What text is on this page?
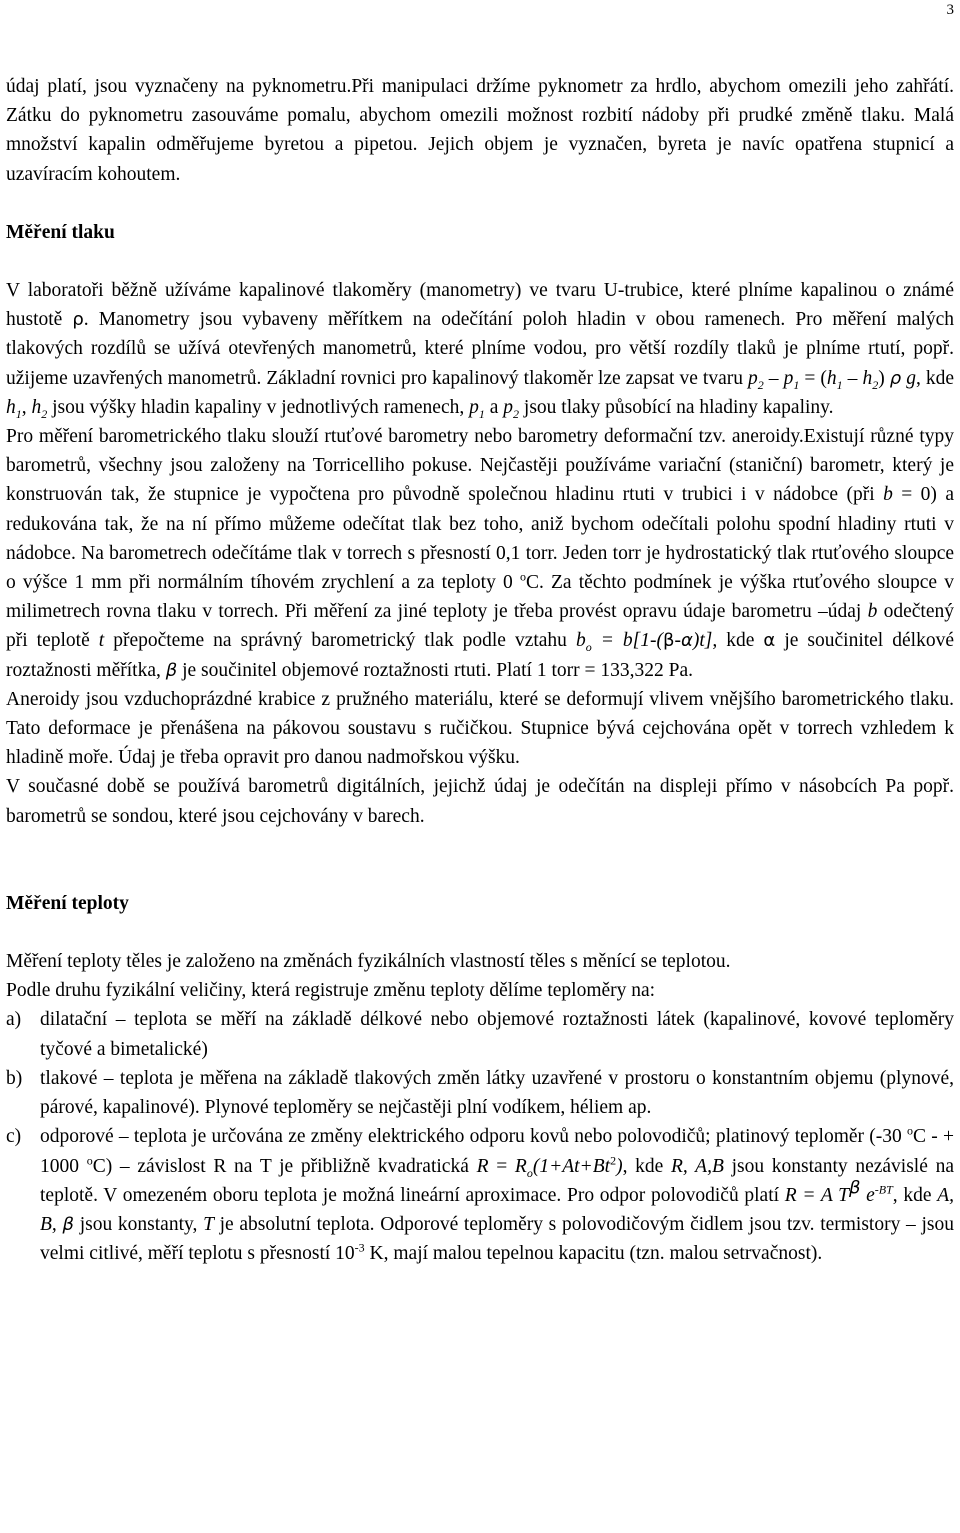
3

údaj platí, jsou vyznačeny na pyknometru.Při manipulaci držíme pyknometr za hrdlo, abychom omezili jeho zahřátí. Zátku do pyknometru zasouváme pomalu, abychom omezili možnost rozbití nádoby při prudké změně tlaku. Malá množství kapalin odměřujeme byretou a pipetou. Jejich objem je vyznačen, byreta je navíc opatřena stupnicí a uzavíracím kohoutem.

Měření tlaku

V laboratoři běžně užíváme kapalinové tlakoměry (manometry) ve tvaru U-trubice, které plníme kapalinou o známé hustotě ρ. Manometry jsou vybaveny měřítkem na odečítání poloh hladin v obou ramenech. Pro měření malých tlakových rozdílů se užívá otevřených manometrů, které plníme vodou, pro větší rozdíly tlaků je plníme rtutí, popř. užijeme uzavřených manometrů. Základní rovnici pro kapalinový tlakoměr lze zapsat ve tvaru $p_2 - p_1 = (h_1 - h_2)$ ρ g, kde $h_1$, $h_2$ jsou výšky hladin kapaliny v jednotlivých ramenech, $p_1$ a $p_2$ jsou tlaky působící na hladiny kapaliny.

Pro měření barometrického tlaku slouží rtuťové barometry nebo barometry deformační tzv. aneroidy.Existují různé typy barometrů, všechny jsou založeny na Torricelliho pokuse. Nejčastěji používáme variační (staniční) barometr, který je konstruován tak, že stupnice je vypočtena pro původně společnou hladinu rtuti v trubici i v nádobce (při b = 0) a redukována tak, že na ní přímo můžeme odečítat tlak bez toho, aniž bychom odečítali polohu spodní hladiny rtuti v nádobce. Na barometrech odečítáme tlak v torrech s přesností 0,1 torr. Jeden torr je hydrostatický tlak rtuťového sloupce o výšce 1 mm při normálním tíhovém zrychlení a za teploty 0 $^o$C. Za těchto podmínek je výška rtuťového sloupce v milimetrech rovna tlaku v torrech. Při měření za jiné teploty je třeba provést opravu údaje barometru –údaj b odečtený při teplotě t přepočteme na správný barometrický tlak podle vztahu $b_o = b[1-(\beta-\alpha)t]$, kde α je součinitel délkové roztažnosti měřítka, β je součinitel objemové roztažnosti rtuti. Platí 1 torr = 133,322 Pa.

Aneroidy jsou vzduchoprázdné krabice z pružného materiálu, které se deformují vlivem vnějšího barometrického tlaku. Tato deformace je přenášena na pákovou soustavu s ručičkou. Stupnice bývá cejchována opět v torrech vzhledem k hladině moře. Údaj je třeba opravit pro danou nadmořskou výšku.

V současné době se používá barometrů digitálních, jejichž údaj je odečítán na displeji přímo v násobcích Pa popř. barometrů se sondou, které jsou cejchovány v barech.

Měření teploty

Měření teploty těles je založeno na změnách fyzikálních vlastností těles s měnící se teplotou.

Podle druhu fyzikální veličiny, která registruje změnu teploty dělíme teploměry na:

a) dilatační – teplota se měří na základě délkové nebo objemové roztažnosti látek (kapalinové, kovové teploměry tyčové a bimetalické)
b) tlakové – teplota je měřena na základě tlakových změn látky uzavřené v prostoru o konstantním objemu (plynové, párové, kapalinové). Plynové teploměry se nejčastěji plní vodíkem, héliem ap.
c) odporové – teplota je určována ze změny elektrického odporu kovů nebo polovodičů; platinový teploměr (-30 $^o$C - + 1000 $^o$C) – závislost R na T je přibližně kvadratická $R = R_o(1+At+Bt^2)$, kde R, A,B jsou konstanty nezávislé na teplotě. V omezeném oboru teplota je možná lineární aproximace. Pro odpor polovodičů platí R = A $T^\beta$ $e^{-BT}$, kde A, B, β jsou konstanty, T je absolutní teplota. Odporové teploměry s polovodičovým čidlem jsou tzv. termistory – jsou velmi citlivé, měří teplotu s přesností $10^{-3}$ K, mají malou tepelnou kapacitu (tzn. malou setrvačnost).
